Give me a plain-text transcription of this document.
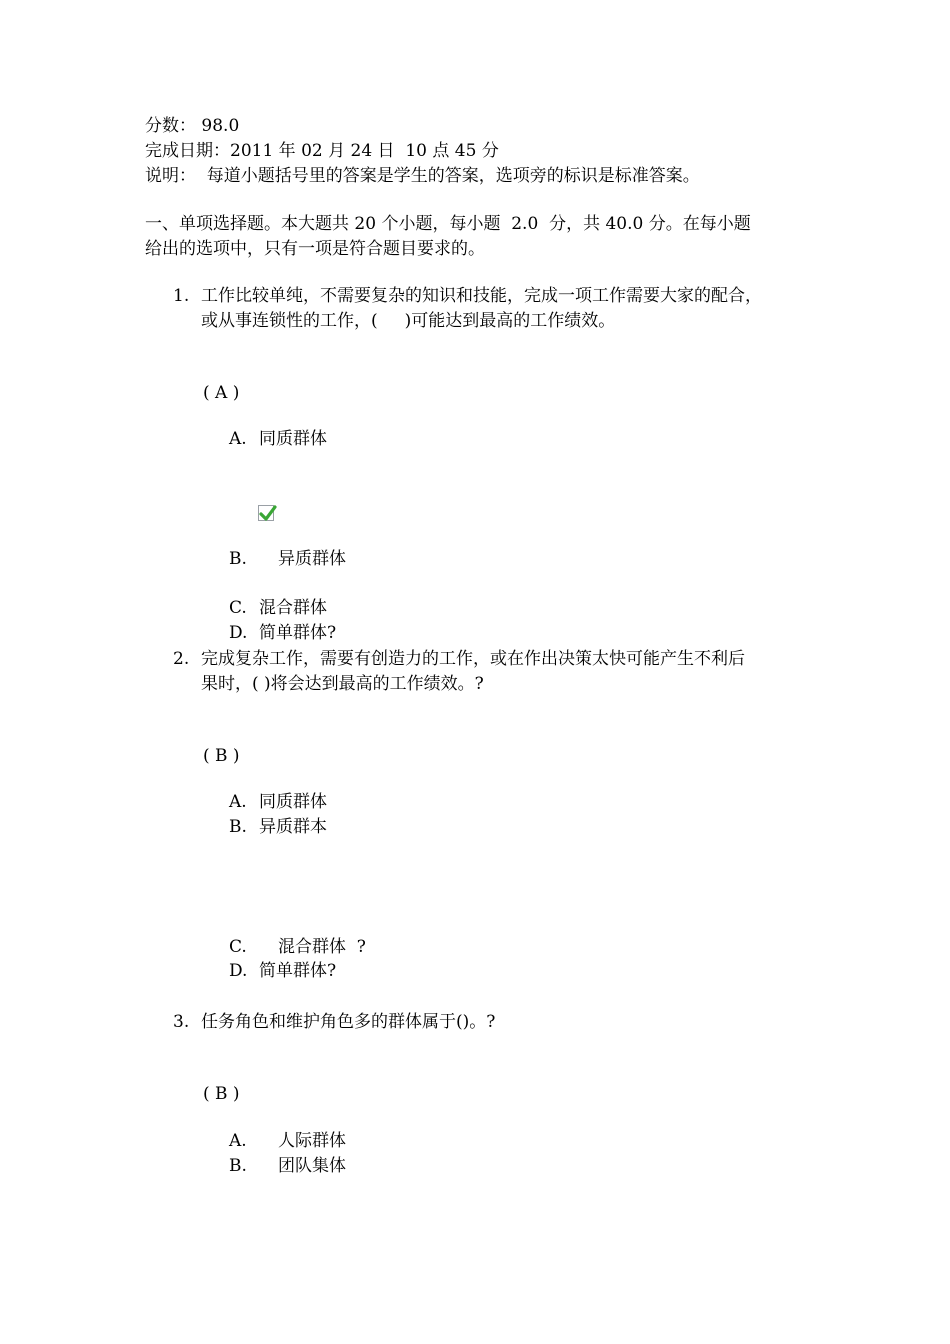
分数： 98.0
完成日期：2011 年 02 月 24 日  10 点 45 分
说明：  每道小题括号里的答案是学生的答案，选项旁的标识是标准答案。
一、单项选择题。本大题共 20 个小题，每小题  2.0  分，共 40.0 分。在每小题
给出的选项中，只有一项是符合题目要求的。
1. 工作比较单纯，不需要复杂的知识和技能，完成一项工作需要大家的配合，
或从事连锁性的工作，(     )可能达到最高的工作绩效。
( A )
A. 同质群体
B. 异质群体
C. 混合群体
D. 简单群体?
2. 完成复杂工作，需要有创造力的工作，或在作出决策太快可能产生不利后
果时，( )将会达到最高的工作绩效。?
( B )
A. 同质群体
B. 异质群本
C. 混合群体  ?
D. 简单群体?
3. 任务角色和维护角色多的群体属于()。?
( B )
A. 人际群体
B. 团队集体
